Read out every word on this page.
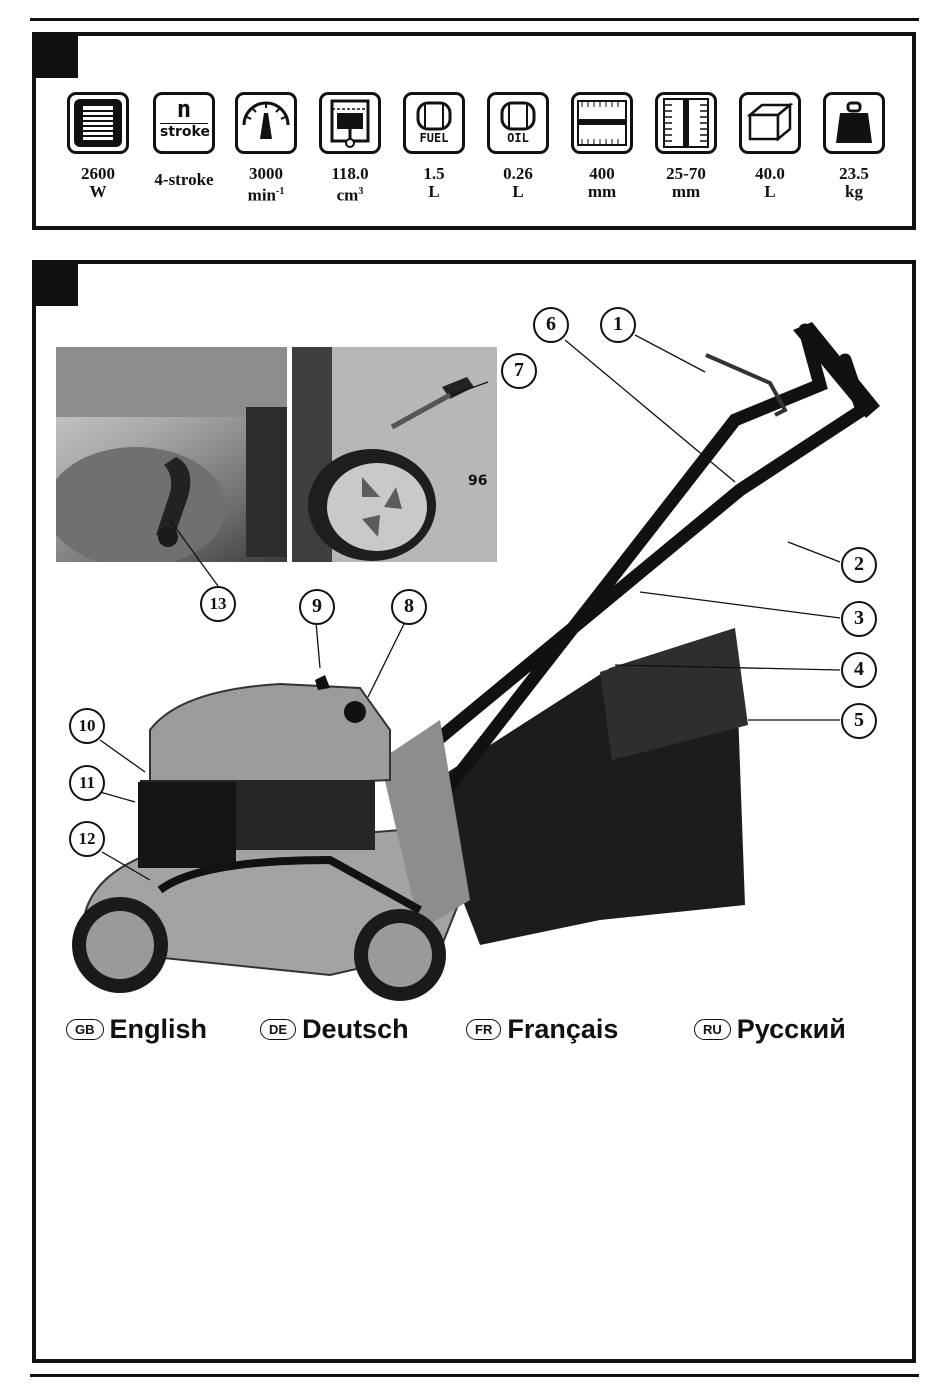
2600
W
n
stroke
4-stroke	3000
$\min^{-1}$
118.0
$cm^3$
FUEL
1.5
L
OIL
0.26
L
400
mm
25-70
mm
40.0
L
23.5
kg
96
1
2
3
4
5
6
7
8
9
10
11
12
13
GB English	DE Deutsch	FR Français	RU Русский
